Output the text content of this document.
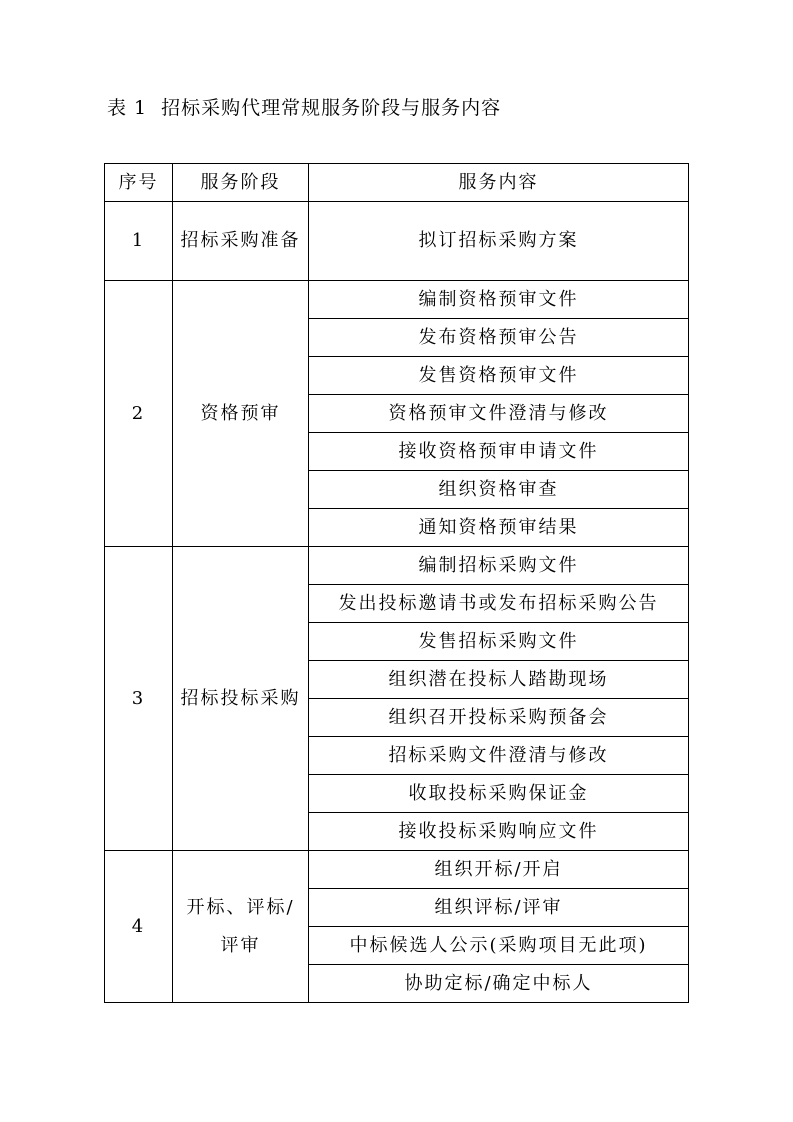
表 1 招标采购代理常规服务阶段与服务内容
序号	服务阶段	服务内容
1	招标采购准备	拟订招标采购方案
2	资格预审	编制资格预审文件
		发布资格预审公告
		发售资格预审文件
		资格预审文件澄清与修改
		接收资格预审申请文件
		组织资格审查
		通知资格预审结果
3	招标投标采购	编制招标采购文件
		发出投标邀请书或发布招标采购公告
		发售招标采购文件
		组织潜在投标人踏勘现场
		组织召开投标采购预备会
		招标采购文件澄清与修改
		收取投标采购保证金
		接收投标采购响应文件
4	开标、评标/评审	组织开标/开启
		组织评标/评审
		中标候选人公示(采购项目无此项)
		协助定标/确定中标人
